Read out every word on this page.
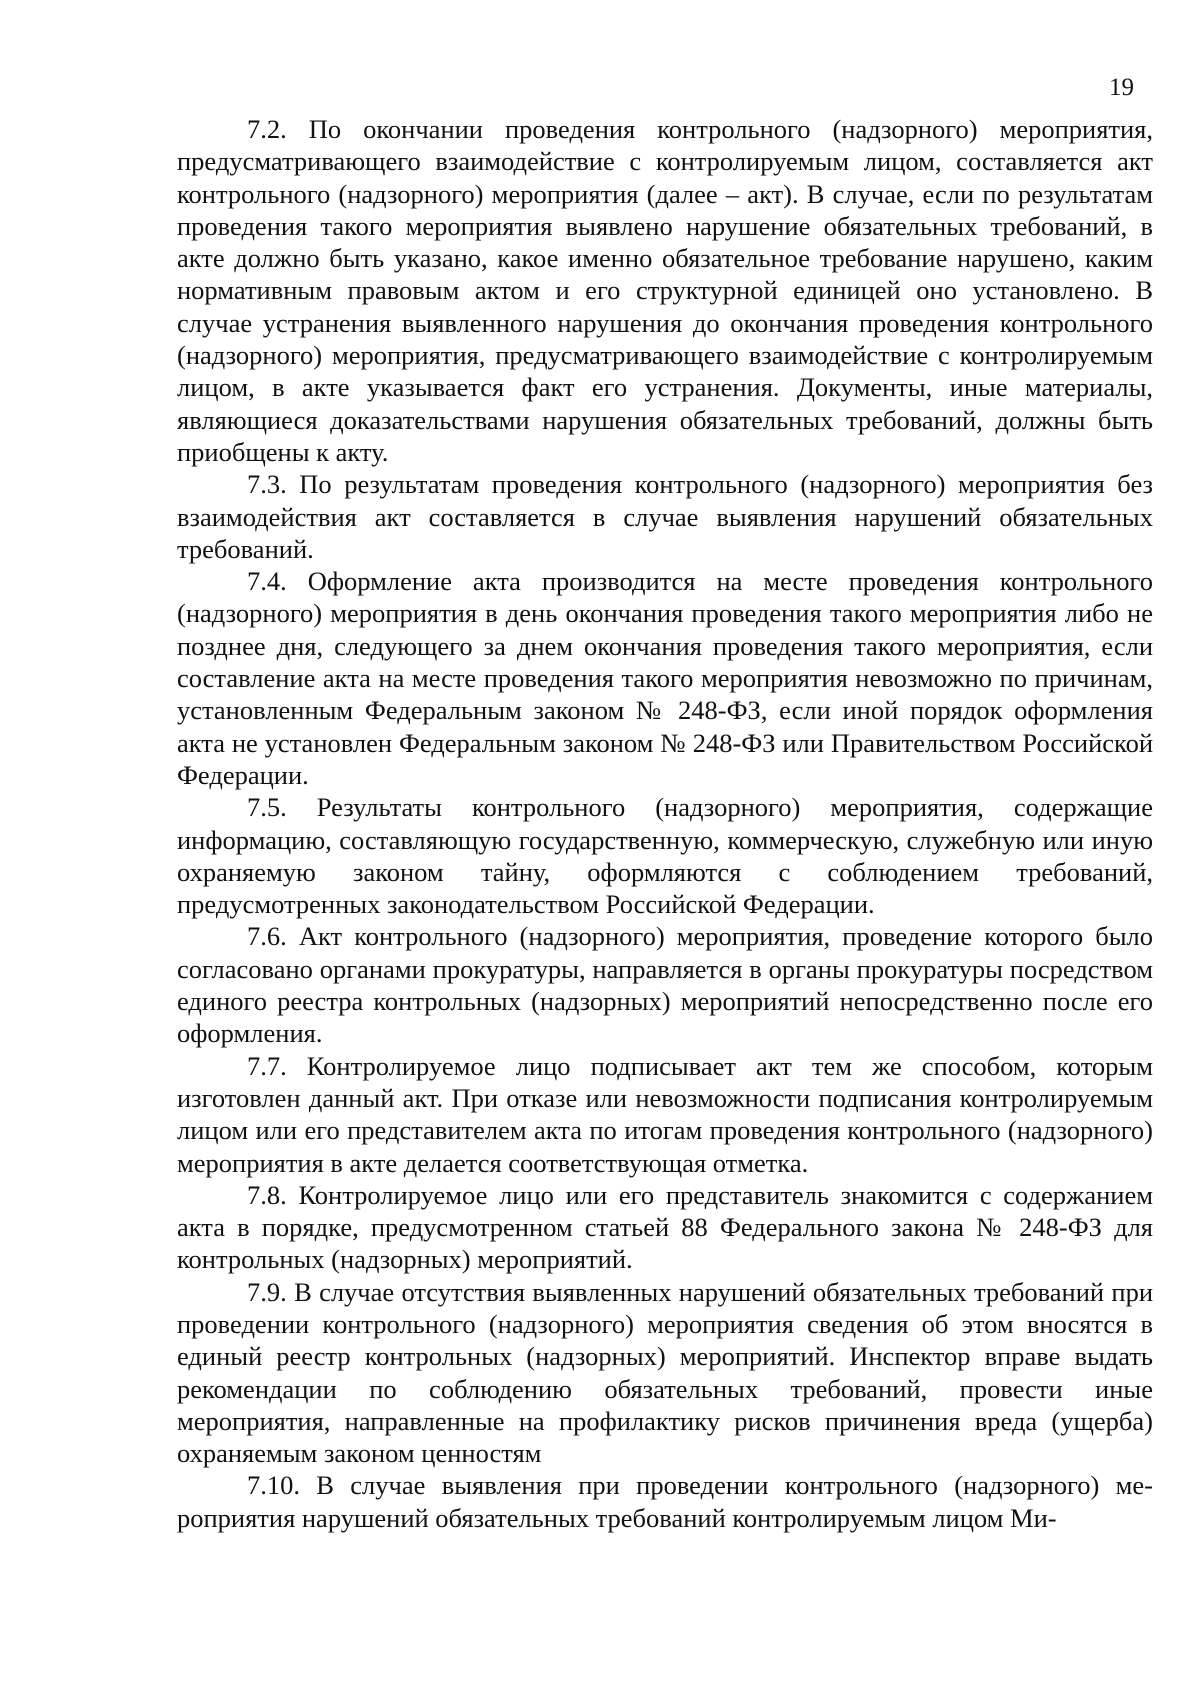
19

7.2. По окончании проведения контрольного (надзорного) мероприятия, предусматривающего взаимодействие с контролируемым лицом, составляется акт контрольного (надзорного) мероприятия (далее – акт). В случае, если по результатам проведения такого мероприятия выявлено нарушение обязательных требований, в акте должно быть указано, какое именно обязательное требование нарушено, каким нормативным правовым актом и его структурной единицей оно установлено. В случае устранения выявленного нарушения до окончания проведения контрольного (надзорного) мероприятия, предусматривающего взаимодействие с контролируемым лицом, в акте указывается факт его устранения. Документы, иные материалы, являющиеся доказательствами нарушения обязательных требований, должны быть приобщены к акту.

7.3. По результатам проведения контрольного (надзорного) мероприятия без взаимодействия акт составляется в случае выявления нарушений обязательных требований.

7.4. Оформление акта производится на месте проведения контрольного (надзорного) мероприятия в день окончания проведения такого мероприятия либо не позднее дня, следующего за днем окончания проведения такого мероприятия, если составление акта на месте проведения такого мероприятия невозможно по причинам, установленным Федеральным законом № 248-ФЗ, если иной порядок оформления акта не установлен Федеральным законом № 248-ФЗ или Правительством Российской Федерации.

7.5. Результаты контрольного (надзорного) мероприятия, содержащие информацию, составляющую государственную, коммерческую, служебную или иную охраняемую законом тайну, оформляются с соблюдением требований, предусмотренных законодательством Российской Федерации.

7.6. Акт контрольного (надзорного) мероприятия, проведение которого было согласовано органами прокуратуры, направляется в органы прокуратуры посредством единого реестра контрольных (надзорных) мероприятий непосредственно после его оформления.

7.7. Контролируемое лицо подписывает акт тем же способом, которым изготовлен данный акт. При отказе или невозможности подписания контролируемым лицом или его представителем акта по итогам проведения контрольного (надзорного) мероприятия в акте делается соответствующая отметка.

7.8. Контролируемое лицо или его представитель знакомится с содержанием акта в порядке, предусмотренном статьей 88 Федерального закона № 248-ФЗ для контрольных (надзорных) мероприятий.

7.9. В случае отсутствия выявленных нарушений обязательных требований при проведении контрольного (надзорного) мероприятия сведения об этом вносятся в единый реестр контрольных (надзорных) мероприятий. Инспектор вправе выдать рекомендации по соблюдению обязательных требований, провести иные мероприятия, направленные на профилактику рисков причинения вреда (ущерба) охраняемым законом ценностям

7.10. В случае выявления при проведении контрольного (надзорного) мероприятия нарушений обязательных требований контролируемым лицом Ми-
